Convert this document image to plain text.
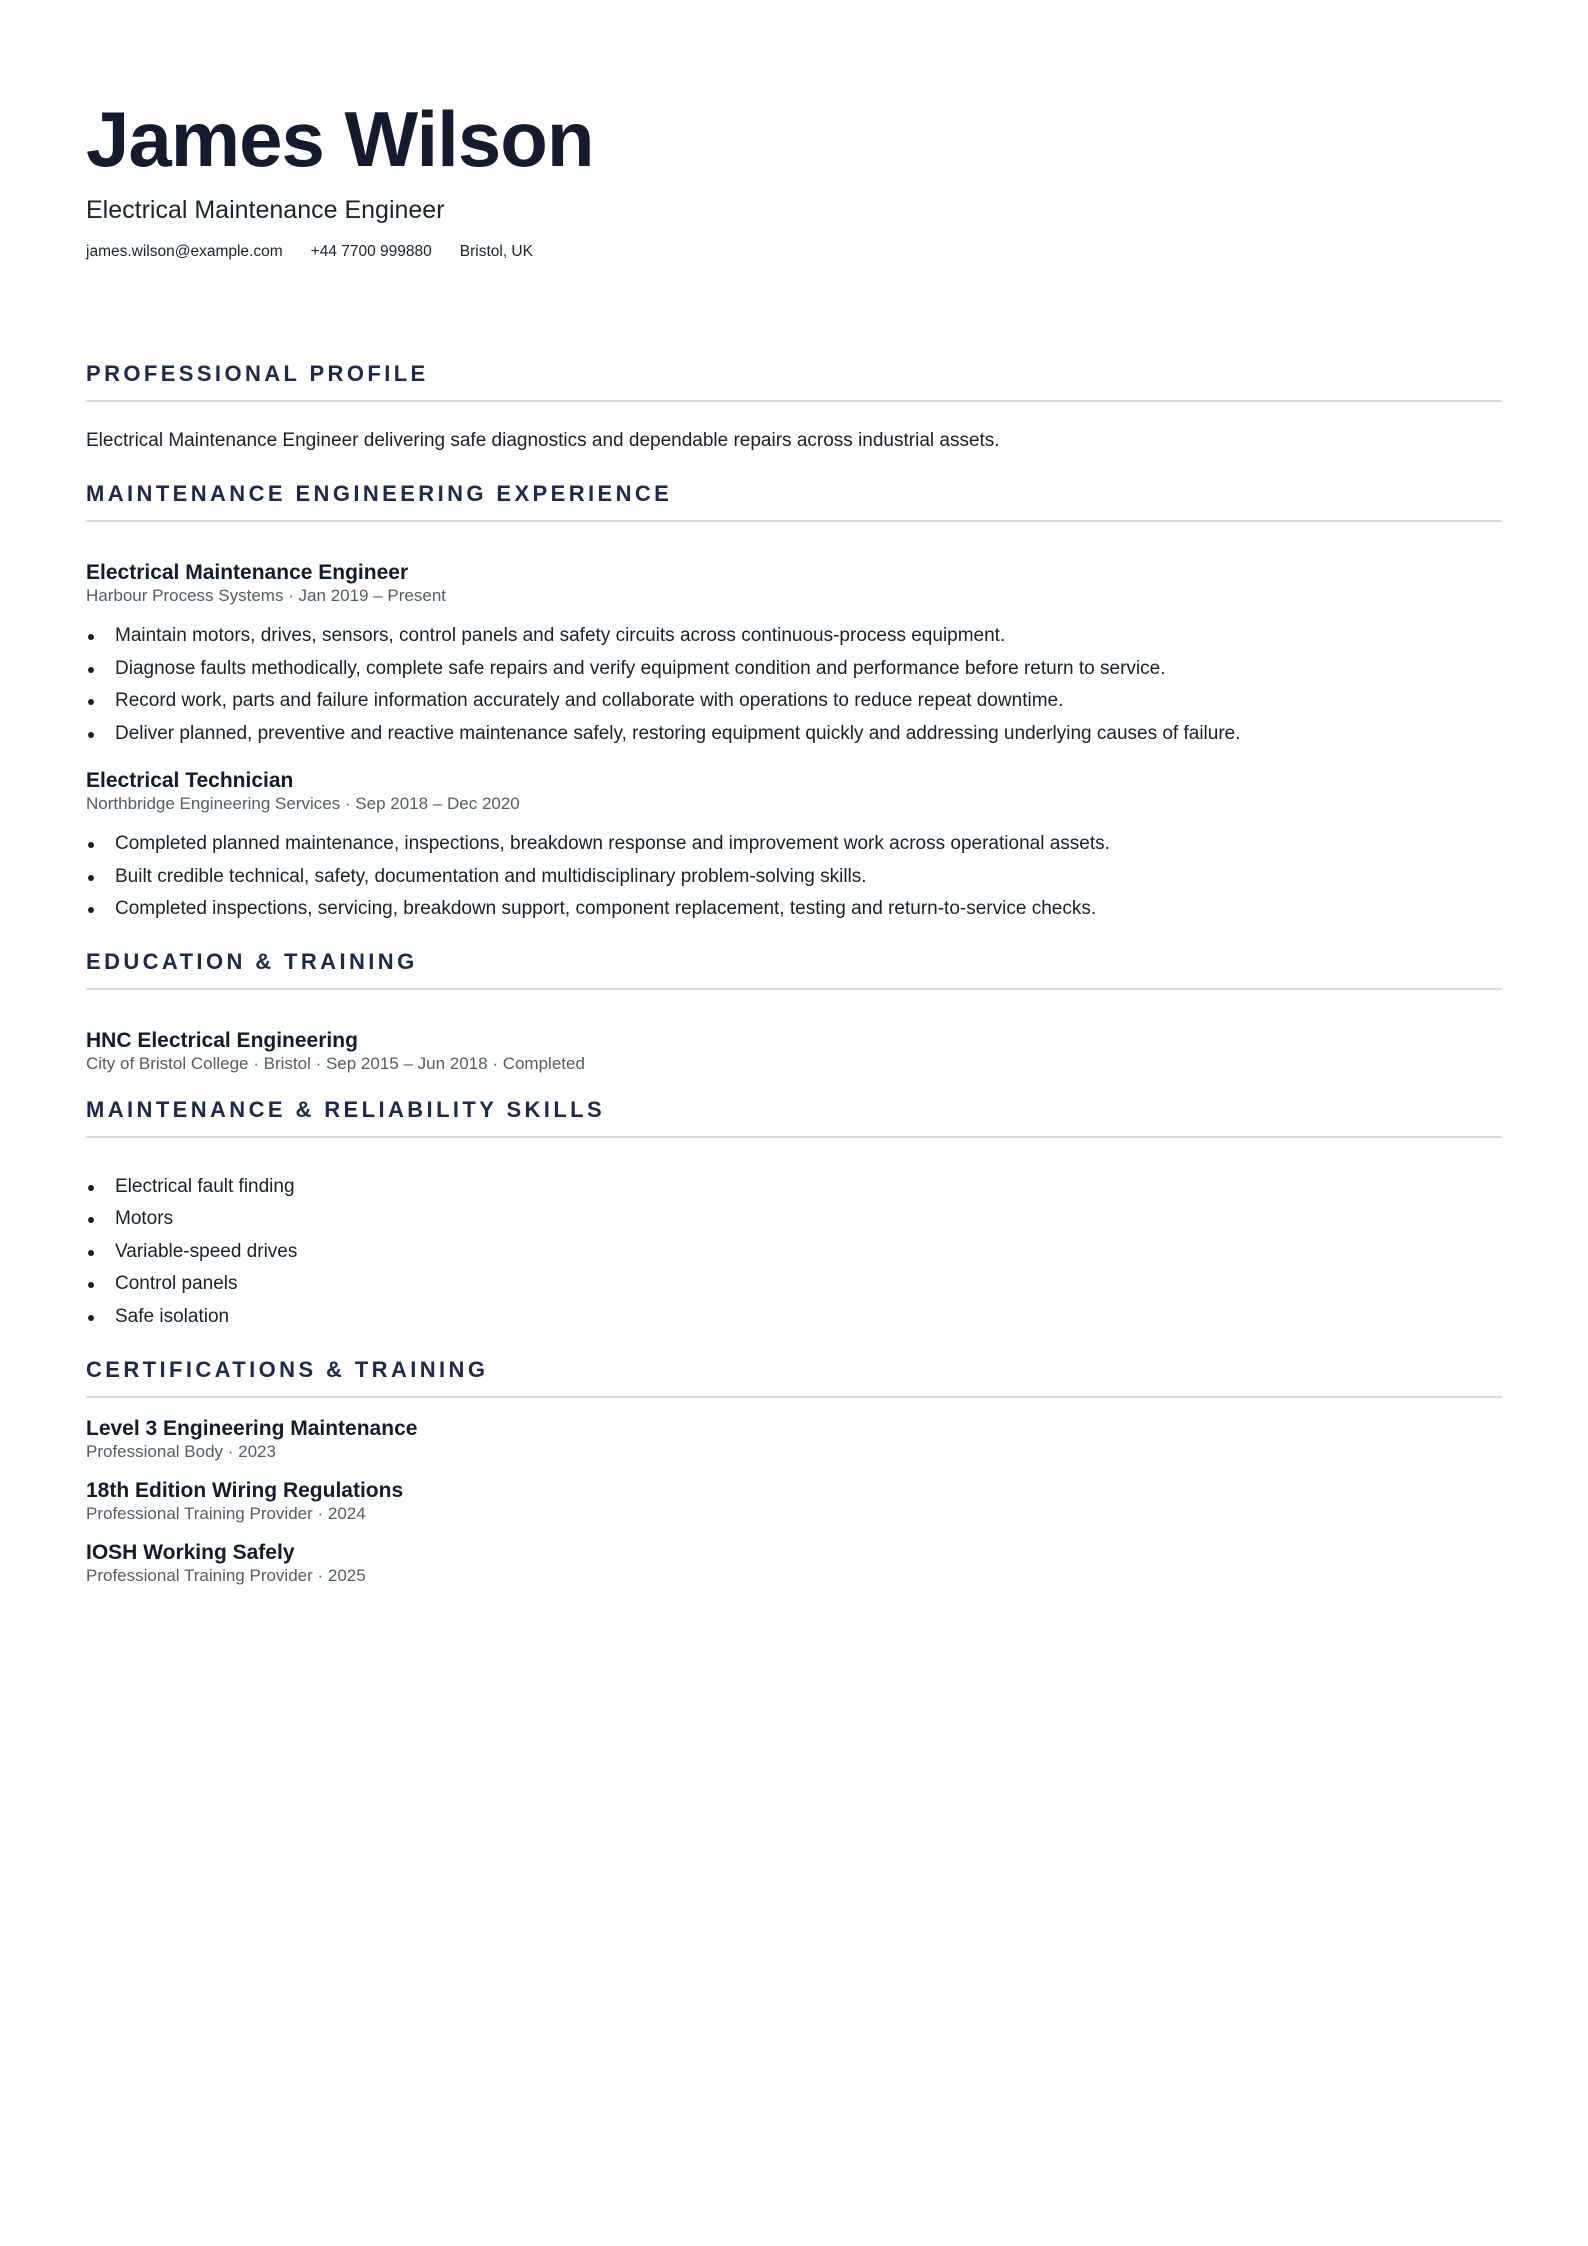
James Wilson
Electrical Maintenance Engineer
james.wilson@example.com +44 7700 999880 Bristol, UK
PROFESSIONAL PROFILE
Electrical Maintenance Engineer delivering safe diagnostics and dependable repairs across industrial assets.
MAINTENANCE ENGINEERING EXPERIENCE
Electrical Maintenance Engineer
Harbour Process Systems · Jan 2019 – Present
Maintain motors, drives, sensors, control panels and safety circuits across continuous-process equipment.
Diagnose faults methodically, complete safe repairs and verify equipment condition and performance before return to service.
Record work, parts and failure information accurately and collaborate with operations to reduce repeat downtime.
Deliver planned, preventive and reactive maintenance safely, restoring equipment quickly and addressing underlying causes of failure.
Electrical Technician
Northbridge Engineering Services · Sep 2018 – Dec 2020
Completed planned maintenance, inspections, breakdown response and improvement work across operational assets.
Built credible technical, safety, documentation and multidisciplinary problem-solving skills.
Completed inspections, servicing, breakdown support, component replacement, testing and return-to-service checks.
EDUCATION & TRAINING
HNC Electrical Engineering
City of Bristol College · Bristol · Sep 2015 – Jun 2018 · Completed
MAINTENANCE & RELIABILITY SKILLS
Electrical fault finding
Motors
Variable-speed drives
Control panels
Safe isolation
CERTIFICATIONS & TRAINING
Level 3 Engineering Maintenance
Professional Body · 2023
18th Edition Wiring Regulations
Professional Training Provider · 2024
IOSH Working Safely
Professional Training Provider · 2025
